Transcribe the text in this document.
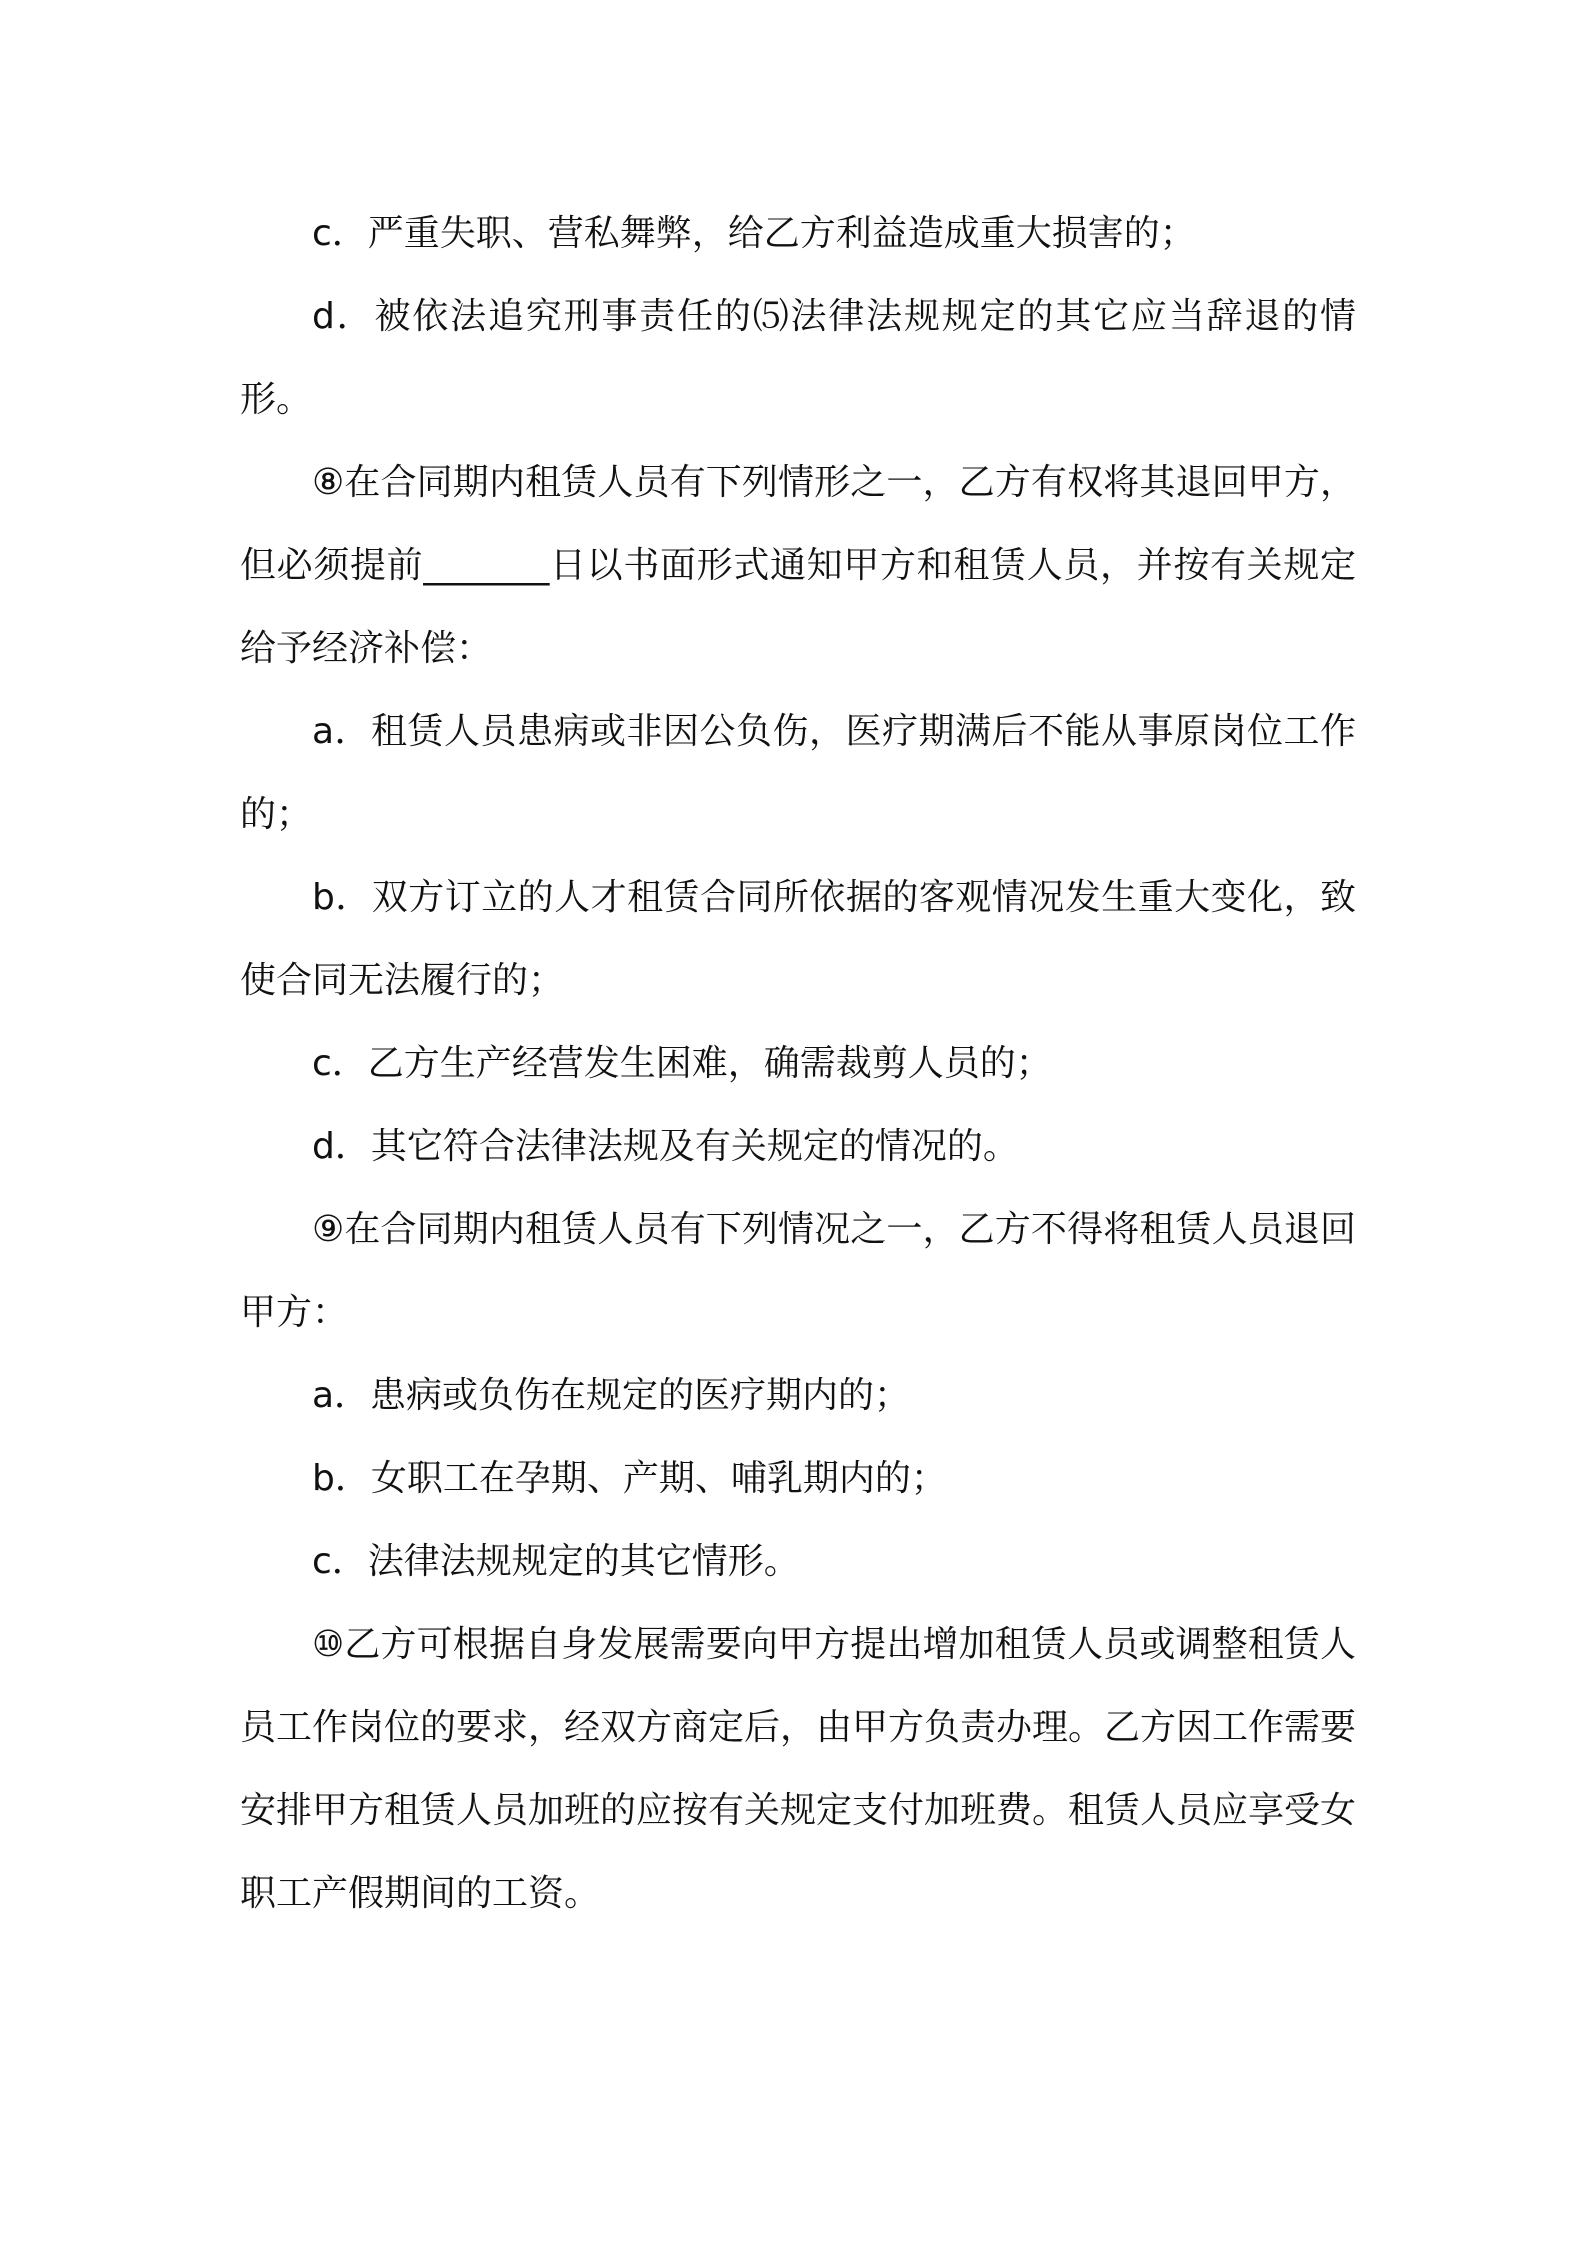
c．严重失职、营私舞弊，给乙方利益造成重大损害的；

d．被依法追究刑事责任的⑸法律法规规定的其它应当辞退的情形。

⑧在合同期内租赁人员有下列情形之一，乙方有权将其退回甲方，但必须提前_______日以书面形式通知甲方和租赁人员，并按有关规定给予经济补偿：

a．租赁人员患病或非因公负伤，医疗期满后不能从事原岗位工作的；

b．双方订立的人才租赁合同所依据的客观情况发生重大变化，致使合同无法履行的；

c．乙方生产经营发生困难，确需裁剪人员的；

d．其它符合法律法规及有关规定的情况的。

⑨在合同期内租赁人员有下列情况之一，乙方不得将租赁人员退回甲方：

a．患病或负伤在规定的医疗期内的；

b．女职工在孕期、产期、哺乳期内的；

c．法律法规规定的其它情形。

⑩乙方可根据自身发展需要向甲方提出增加租赁人员或调整租赁人员工作岗位的要求，经双方商定后，由甲方负责办理。乙方因工作需要安排甲方租赁人员加班的应按有关规定支付加班费。租赁人员应享受女职工产假期间的工资。
